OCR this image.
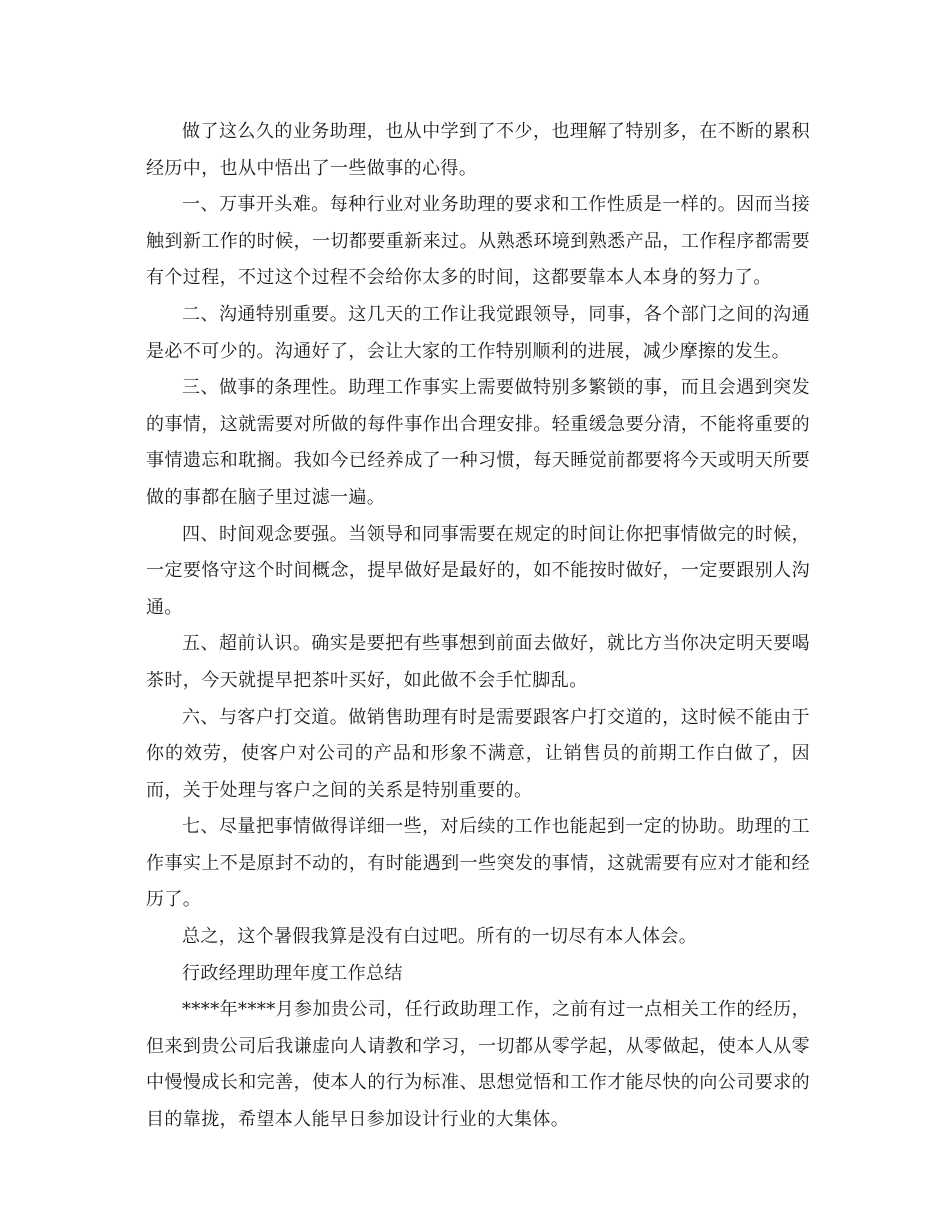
做了这么久的业务助理，也从中学到了不少，也理解了特别多，在不断的累积经历中，也从中悟出了一些做事的心得。

一、万事开头难。每种行业对业务助理的要求和工作性质是一样的。因而当接触到新工作的时候，一切都要重新来过。从熟悉环境到熟悉产品，工作程序都需要有个过程，不过这个过程不会给你太多的时间，这都要靠本人本身的努力了。

二、沟通特别重要。这几天的工作让我觉跟领导，同事，各个部门之间的沟通是必不可少的。沟通好了，会让大家的工作特别顺利的进展，减少摩擦的发生。

三、做事的条理性。助理工作事实上需要做特别多繁锁的事，而且会遇到突发的事情，这就需要对所做的每件事作出合理安排。轻重缓急要分清，不能将重要的事情遗忘和耽搁。我如今已经养成了一种习惯，每天睡觉前都要将今天或明天所要做的事都在脑子里过滤一遍。

四、时间观念要强。当领导和同事需要在规定的时间让你把事情做完的时候，一定要恪守这个时间概念，提早做好是最好的，如不能按时做好，一定要跟别人沟通。

五、超前认识。确实是要把有些事想到前面去做好，就比方当你决定明天要喝茶时，今天就提早把茶叶买好，如此做不会手忙脚乱。

六、与客户打交道。做销售助理有时是需要跟客户打交道的，这时候不能由于你的效劳，使客户对公司的产品和形象不满意，让销售员的前期工作白做了，因而，关于处理与客户之间的关系是特别重要的。

七、尽量把事情做得详细一些，对后续的工作也能起到一定的协助。助理的工作事实上不是原封不动的，有时能遇到一些突发的事情，这就需要有应对才能和经历了。

总之，这个暑假我算是没有白过吧。所有的一切尽有本人体会。

行政经理助理年度工作总结

****年****月参加贵公司，任行政助理工作，之前有过一点相关工作的经历，但来到贵公司后我谦虚向人请教和学习，一切都从零学起，从零做起，使本人从零中慢慢成长和完善，使本人的行为标准、思想觉悟和工作才能尽快的向公司要求的目的靠拢，希望本人能早日参加设计行业的大集体。
